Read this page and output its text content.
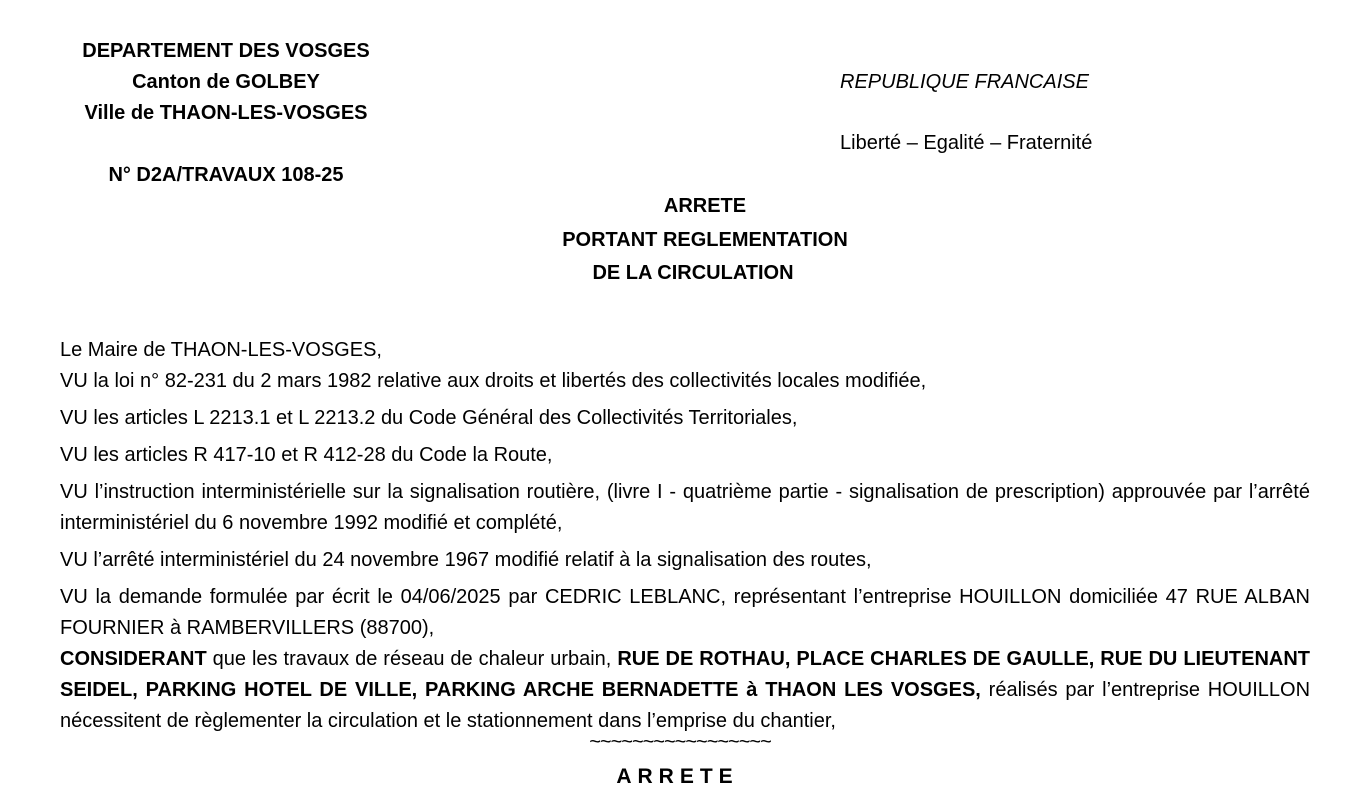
DEPARTEMENT DES VOSGES
Canton de GOLBEY
Ville de THAON-LES-VOSGES
N° D2A/TRAVAUX 108-25
REPUBLIQUE FRANCAISE
Liberté – Egalité – Fraternité
ARRETE
PORTANT REGLEMENTATION
DE LA CIRCULATION

Le Maire de THAON-LES-VOSGES,

VU la loi n° 82-231 du 2 mars 1982 relative aux droits et libertés des collectivités locales modifiée,

VU les articles L 2213.1 et L 2213.2 du Code Général des Collectivités Territoriales,

VU les articles R 417-10 et R 412-28 du Code la Route,

VU l’instruction interministérielle sur la signalisation routière, (livre I - quatrième partie - signalisation de prescription) approuvée par l’arrêté interministériel du 6 novembre 1992 modifié et complété,

VU l’arrêté interministériel du 24 novembre 1967 modifié relatif à la signalisation des routes,

VU la demande formulée par écrit le 04/06/2025 par CEDRIC LEBLANC, représentant l’entreprise HOUILLON domiciliée 47 RUE ALBAN FOURNIER à RAMBERVILLERS (88700),

CONSIDERANT que les travaux de réseau de chaleur urbain, RUE DE ROTHAU, PLACE CHARLES DE GAULLE, RUE DU LIEUTENANT SEIDEL, PARKING HOTEL DE VILLE, PARKING ARCHE BERNADETTE à THAON LES VOSGES, réalisés par l’entreprise HOUILLON nécessitent de règlementer la circulation et le stationnement dans l’emprise du chantier,

~~~~~~~~~~~~~~~~~
ARRETE
